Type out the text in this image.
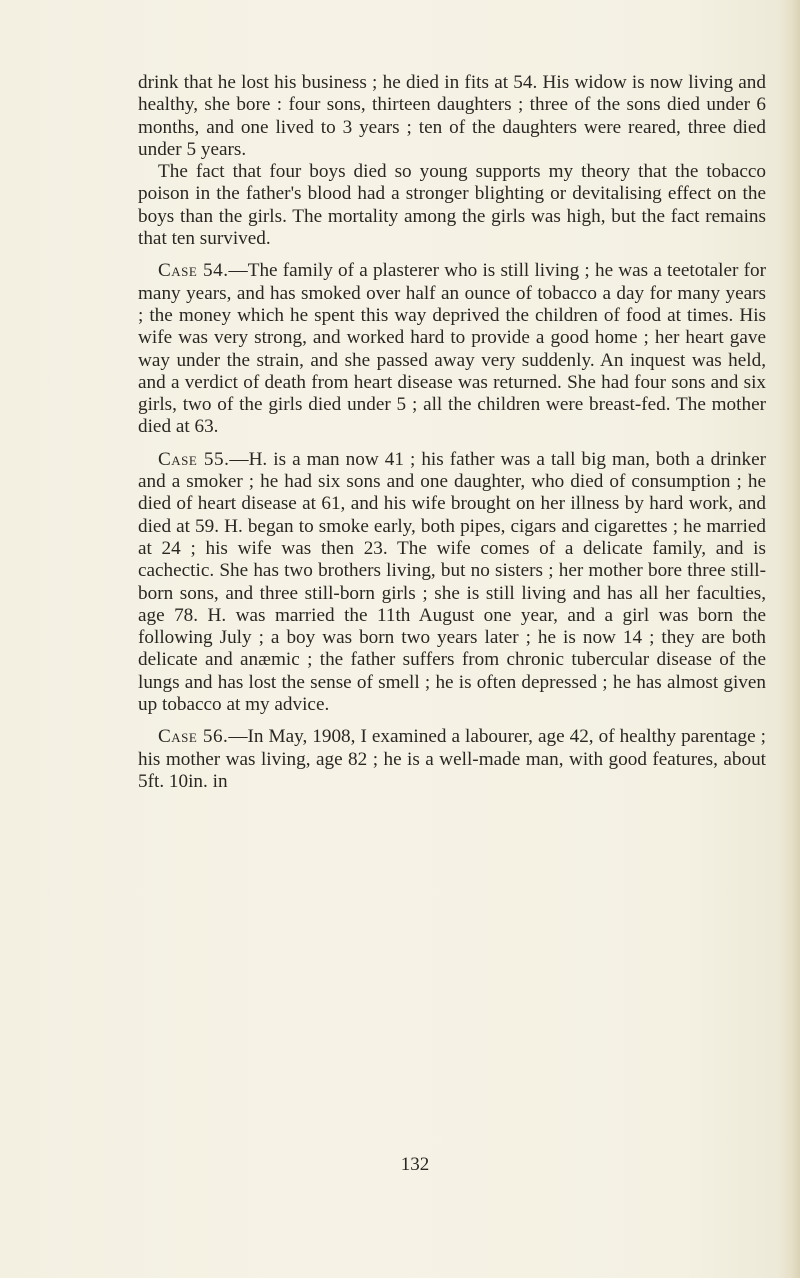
drink that he lost his business ; he died in fits at 54. His widow is now living and healthy, she bore : four sons, thirteen daughters ; three of the sons died under 6 months, and one lived to 3 years ; ten of the daughters were reared, three died under 5 years.

The fact that four boys died so young supports my theory that the tobacco poison in the father's blood had a stronger blighting or devitalising effect on the boys than the girls. The mortality among the girls was high, but the fact remains that ten survived.

Case 54.—The family of a plasterer who is still living ; he was a teetotaler for many years, and has smoked over half an ounce of tobacco a day for many years ; the money which he spent this way deprived the children of food at times. His wife was very strong, and worked hard to provide a good home ; her heart gave way under the strain, and she passed away very suddenly. An inquest was held, and a verdict of death from heart disease was returned. She had four sons and six girls, two of the girls died under 5 ; all the children were breast-fed. The mother died at 63.

Case 55.—H. is a man now 41 ; his father was a tall big man, both a drinker and a smoker ; he had six sons and one daughter, who died of consumption ; he died of heart disease at 61, and his wife brought on her illness by hard work, and died at 59. H. began to smoke early, both pipes, cigars and cigarettes ; he married at 24 ; his wife was then 23. The wife comes of a delicate family, and is cachectic. She has two brothers living, but no sisters ; her mother bore three still-born sons, and three still-born girls ; she is still living and has all her faculties, age 78. H. was married the 11th August one year, and a girl was born the following July ; a boy was born two years later ; he is now 14 ; they are both delicate and anæmic ; the father suffers from chronic tubercular disease of the lungs and has lost the sense of smell ; he is often depressed ; he has almost given up tobacco at my advice.

Case 56.—In May, 1908, I examined a labourer, age 42, of healthy parentage ; his mother was living, age 82 ; he is a well-made man, with good features, about 5ft. 10in. in

132
